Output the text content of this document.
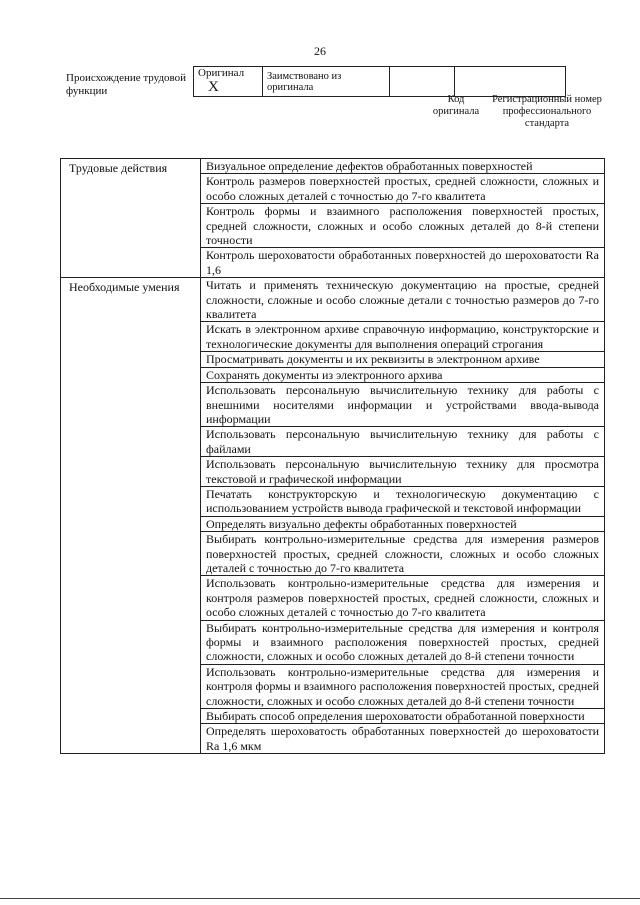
26
Происхождение трудовой функции
Оригинал X	Заимствовано из оригинала		
Код оригинала
Регистрационный номер профессионального стандарта
Трудовые действия	Визуальное определение дефектов обработанных поверхностей
	Контроль размеров поверхностей простых, средней сложности, сложных и особо сложных деталей с точностью до 7-го квалитета
	Контроль формы и взаимного расположения поверхностей простых, средней сложности, сложных и особо сложных деталей до 8-й степени точности
	Контроль шероховатости обработанных поверхностей до шероховатости Ra 1,6
Необходимые умения	Читать и применять техническую документацию на простые, средней сложности, сложные и особо сложные детали с точностью размеров до 7-го квалитета
	Искать в электронном архиве справочную информацию, конструкторские и технологические документы для выполнения операций строгания
	Просматривать документы и их реквизиты в электронном архиве
	Сохранять документы из электронного архива
	Использовать персональную вычислительную технику для работы с внешними носителями информации и устройствами ввода-вывода информации
	Использовать персональную вычислительную технику для работы с файлами
	Использовать персональную вычислительную технику для просмотра текстовой и графической информации
	Печатать конструкторскую и технологическую документацию с использованием устройств вывода графической и текстовой информации
	Определять визуально дефекты обработанных поверхностей
	Выбирать контрольно-измерительные средства для измерения размеров поверхностей простых, средней сложности, сложных и особо сложных деталей с точностью до 7-го квалитета
	Использовать контрольно-измерительные средства для измерения и контроля размеров поверхностей простых, средней сложности, сложных и особо сложных деталей с точностью до 7-го квалитета
	Выбирать контрольно-измерительные средства для измерения и контроля формы и взаимного расположения поверхностей простых, средней сложности, сложных и особо сложных деталей до 8-й степени точности
	Использовать контрольно-измерительные средства для измерения и контроля формы и взаимного расположения поверхностей простых, средней сложности, сложных и особо сложных деталей до 8-й степени точности
	Выбирать способ определения шероховатости обработанной поверхности
	Определять шероховатость обработанных поверхностей до шероховатости Ra 1,6 мкм
